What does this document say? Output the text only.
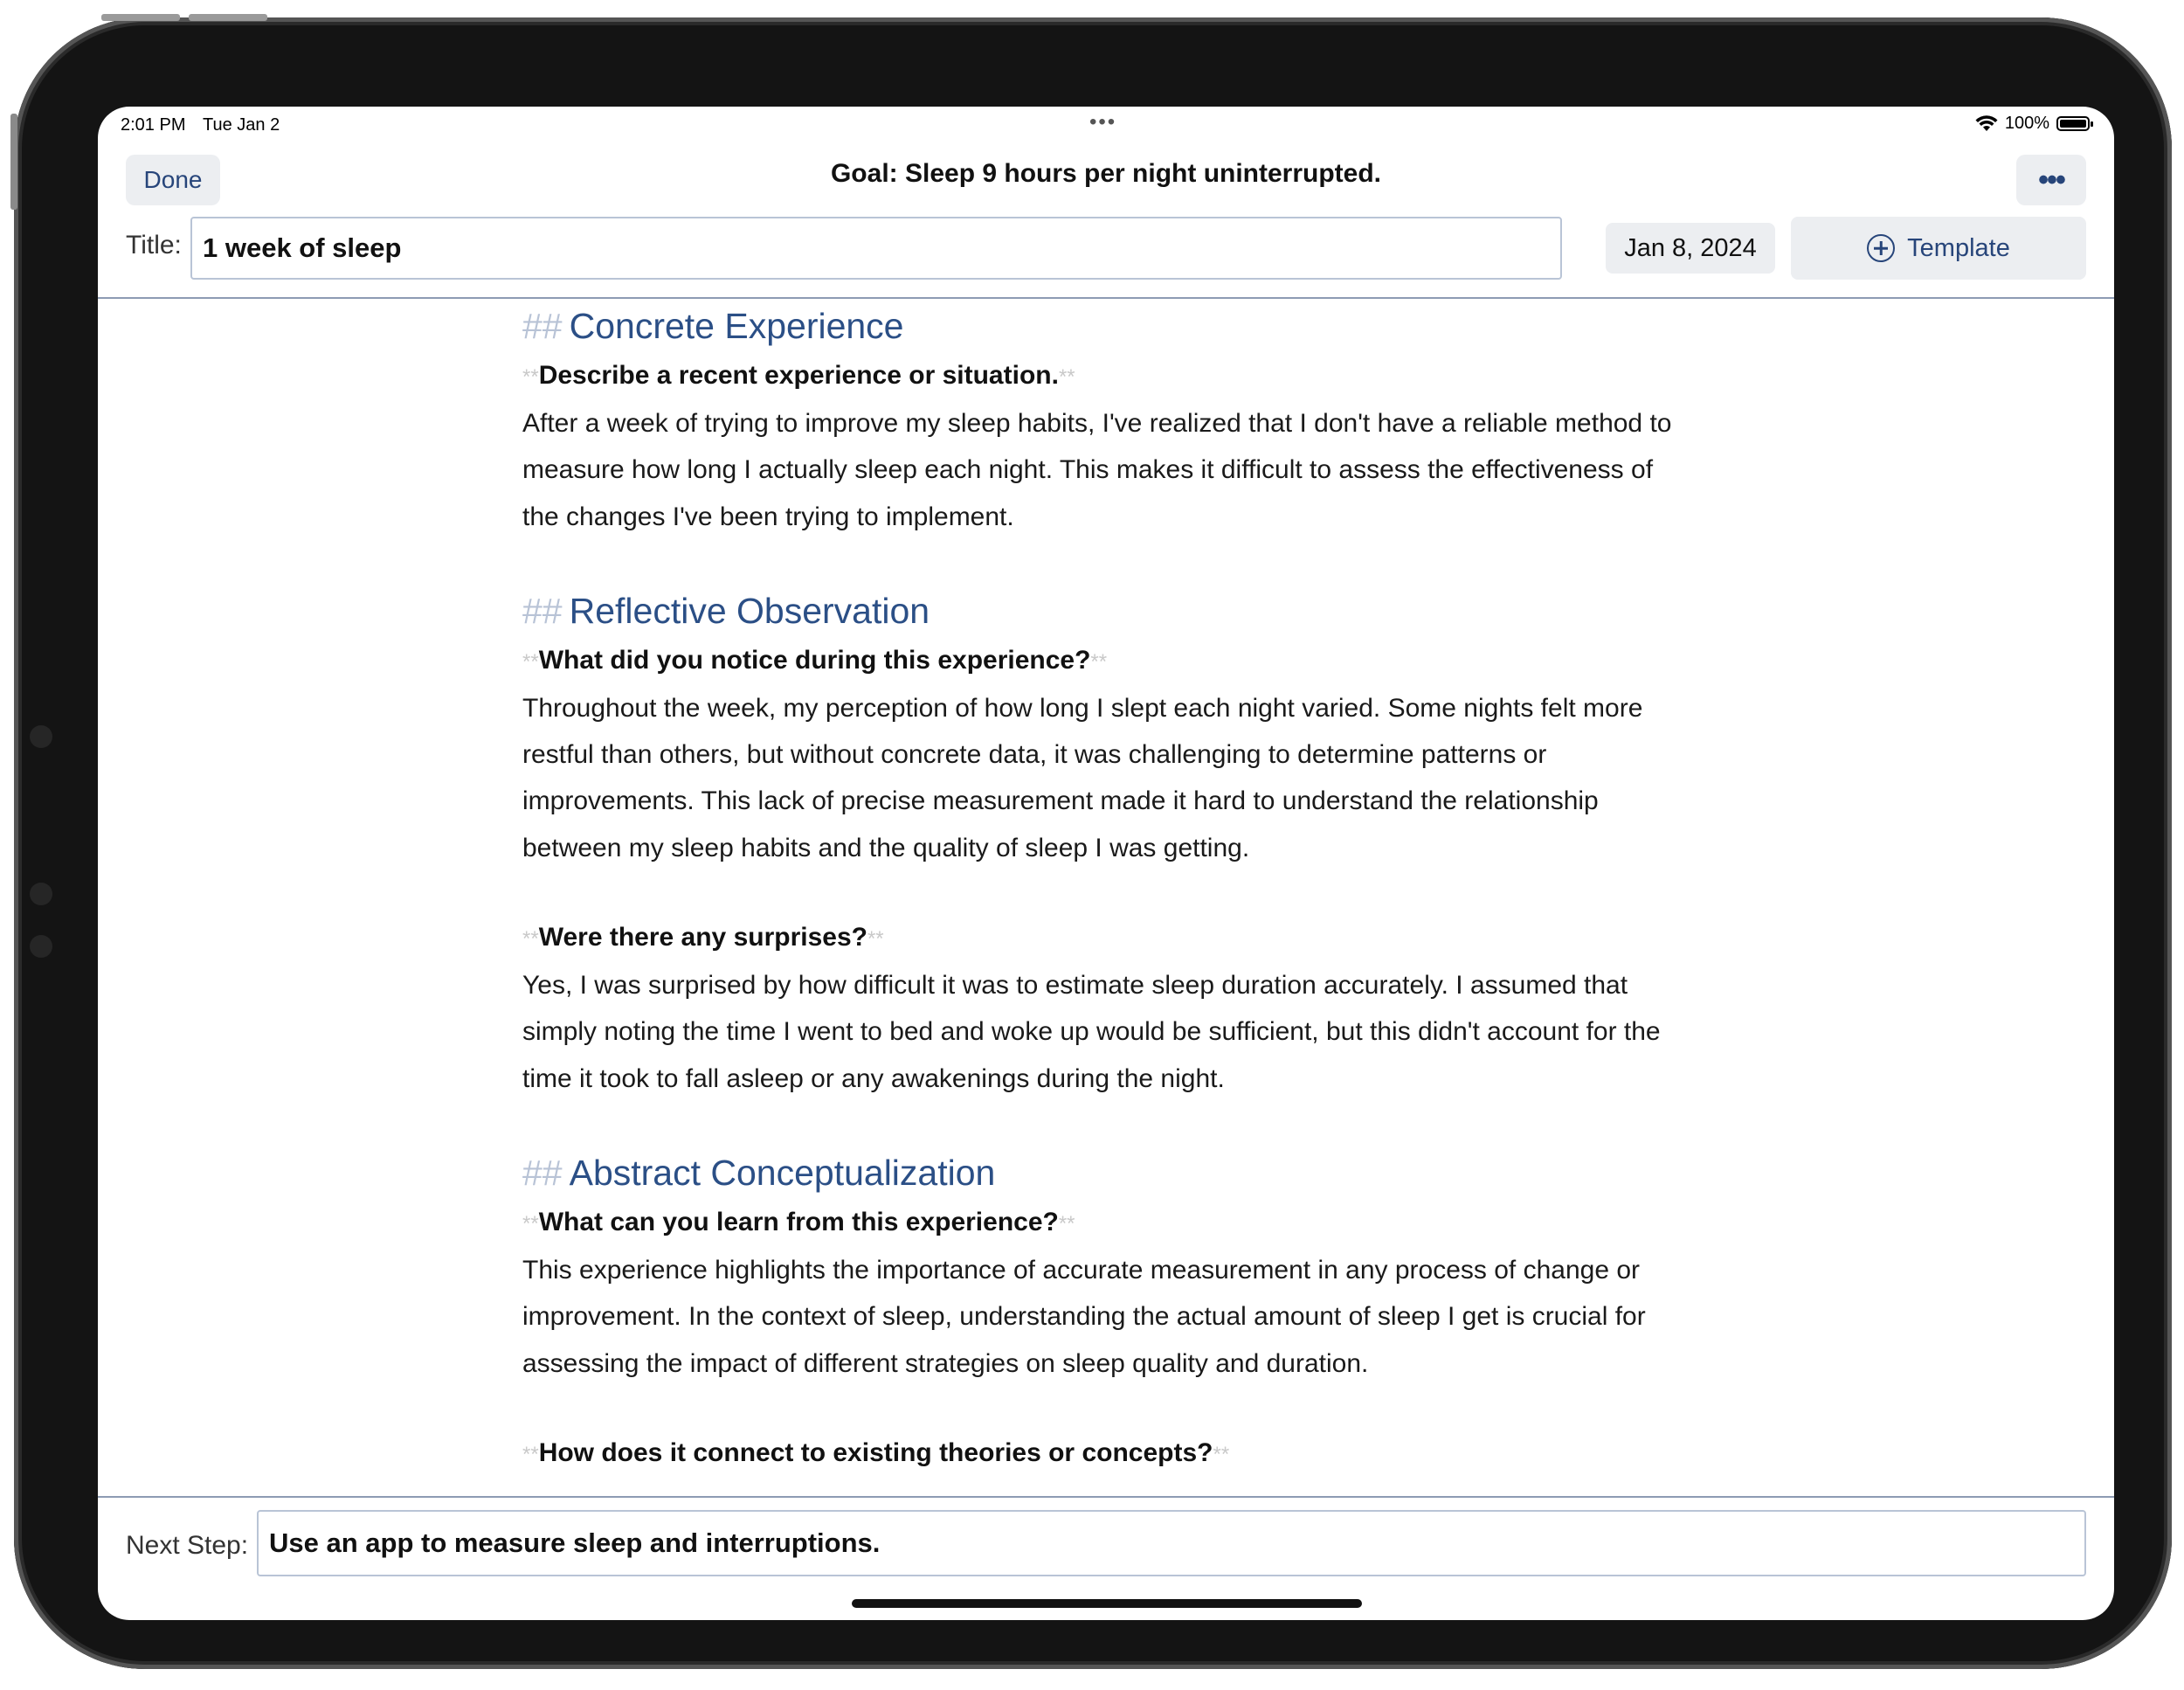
2:01 PM Tue Jan 2	•••	100%
Done	Goal: Sleep 9 hours per night uninterrupted.	•••
Title: 1 week of sleep	Jan 8, 2024	Template
## Concrete Experience
**Describe a recent experience or situation.**
After a week of trying to improve my sleep habits, I've realized that I don't have a reliable method to measure how long I actually sleep each night. This makes it difficult to assess the effectiveness of the changes I've been trying to implement.
## Reflective Observation
**What did you notice during this experience?**
Throughout the week, my perception of how long I slept each night varied. Some nights felt more restful than others, but without concrete data, it was challenging to determine patterns or improvements. This lack of precise measurement made it hard to understand the relationship between my sleep habits and the quality of sleep I was getting.
**Were there any surprises?**
Yes, I was surprised by how difficult it was to estimate sleep duration accurately. I assumed that simply noting the time I went to bed and woke up would be sufficient, but this didn't account for the time it took to fall asleep or any awakenings during the night.
## Abstract Conceptualization
**What can you learn from this experience?**
This experience highlights the importance of accurate measurement in any process of change or improvement. In the context of sleep, understanding the actual amount of sleep I get is crucial for assessing the impact of different strategies on sleep quality and duration.
**How does it connect to existing theories or concepts?**
Next Step: Use an app to measure sleep and interruptions.
